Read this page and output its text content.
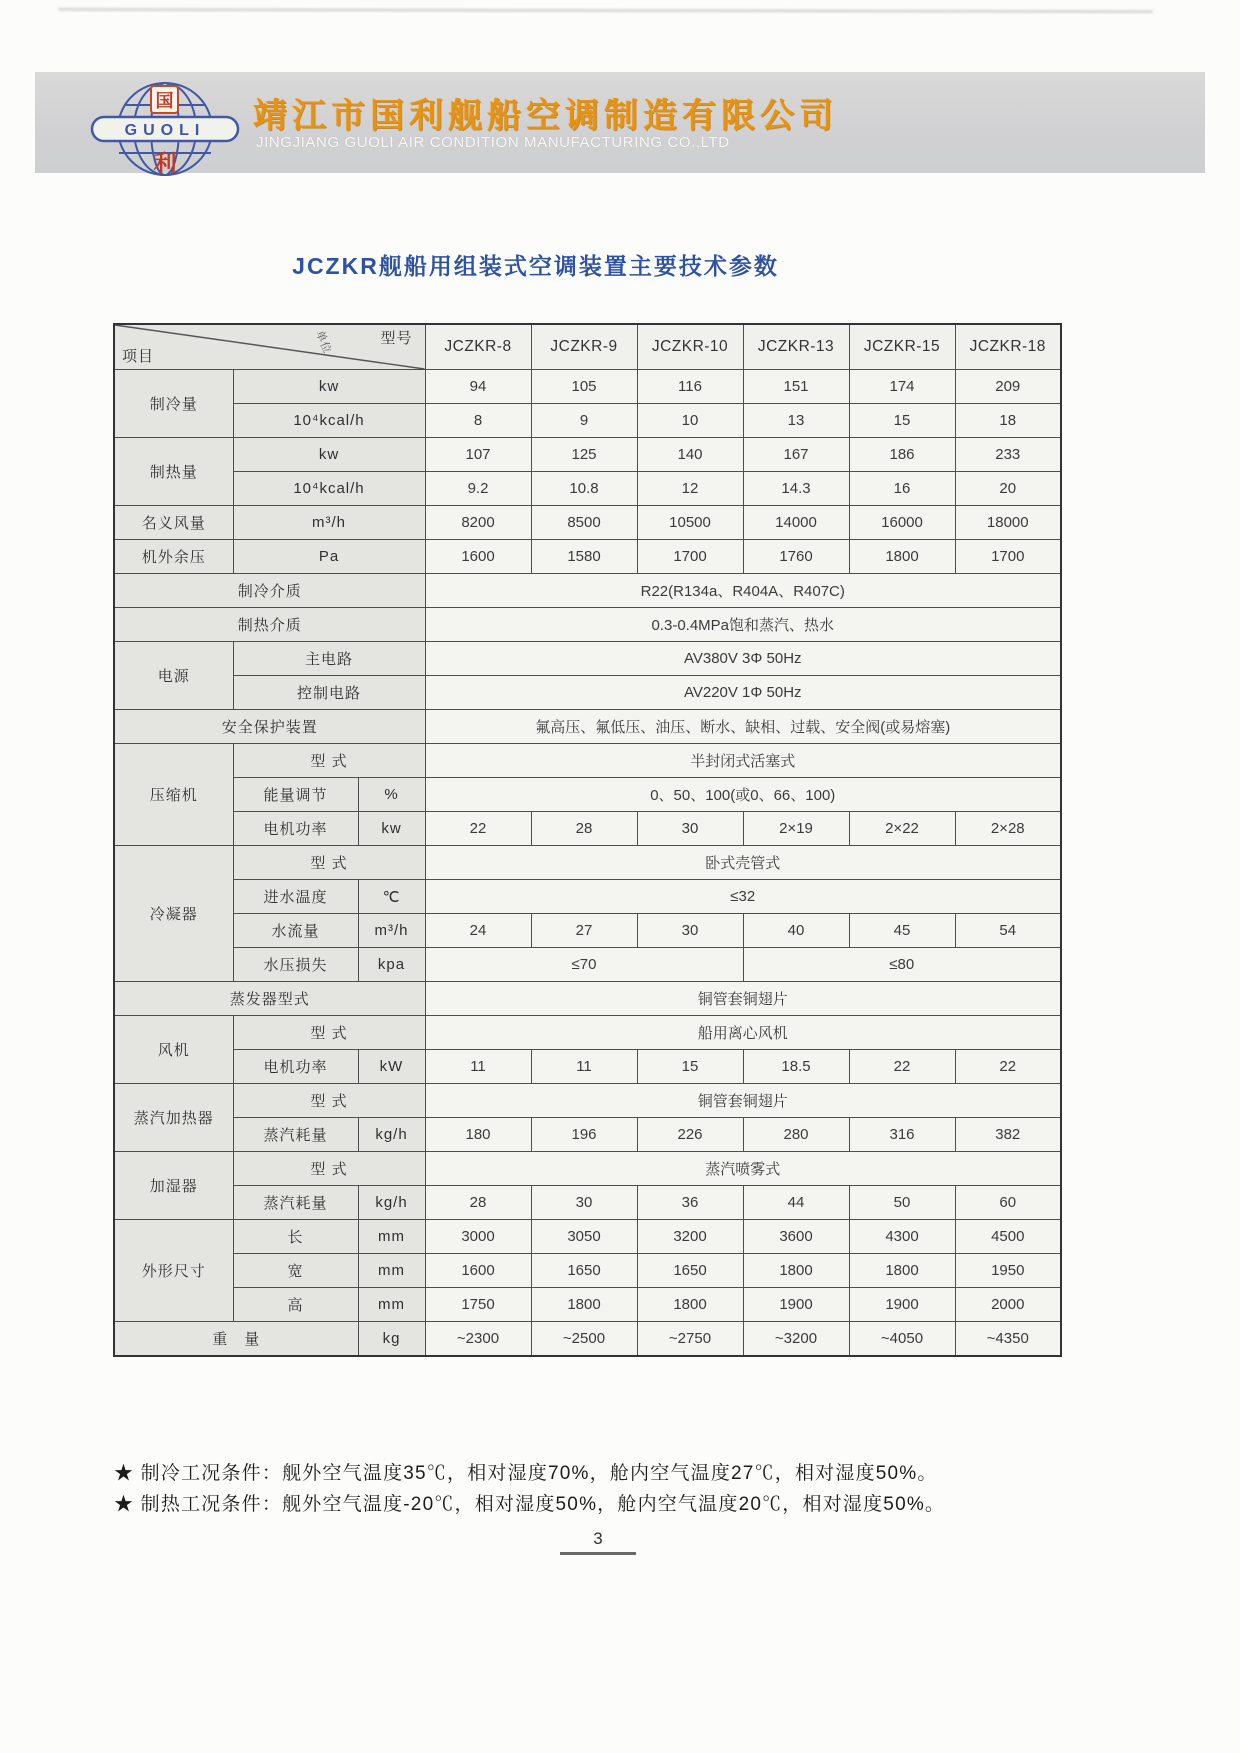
GUOLI
国
利
靖江市国利舰船空调制造有限公司
JINGJIANG GUOLI AIR CONDITION MANUFACTURING CO.,LTD
JCZKR舰船用组装式空调装置主要技术参数
项目
单位 型号			JCZKR-8	JCZKR-9	JCZKR-10	JCZKR-13	JCZKR-15	JCZKR-18
制冷量	kw		94	105	116	151	174	209
	10⁴kcal/h		8	9	10	13	15	18
制热量	kw		107	125	140	167	186	233
	10⁴kcal/h		9.2	10.8	12	14.3	16	20
名义风量	m³/h		8200	8500	10500	14000	16000	18000
机外余压	Pa		1600	1580	1700	1760	1800	1700
制冷介质			R22(R134a、R404A、R407C)					
制热介质			0.3-0.4MPa饱和蒸汽、热水					
电源	主电路		AV380V 3Φ 50Hz					
	控制电路		AV220V 1Φ 50Hz					
安全保护装置			氟高压、氟低压、油压、断水、缺相、过载、安全阀(或易熔塞)					
压缩机	型 式		半封闭式活塞式					
	能量调节	%	0、50、100(或0、66、100)					
	电机功率	kw	22	28	30	2×19	2×22	2×28
冷凝器	型 式		卧式壳管式					
	进水温度	℃	≤32					
	水流量	m³/h	24	27	30	40	45	54
	水压损失	kpa	≤70			≤80		
蒸发器型式			铜管套铜翅片					
风机	型 式		船用离心风机					
	电机功率	kW	11	11	15	18.5	22	22
蒸汽加热器	型 式		铜管套铜翅片					
	蒸汽耗量	kg/h	180	196	226	280	316	382
加湿器	型 式		蒸汽喷雾式					
	蒸汽耗量	kg/h	28	30	36	44	50	60
外形尺寸	长	mm	3000	3050	3200	3600	4300	4500
	宽	mm	1600	1650	1650	1800	1800	1950
	高	mm	1750	1800	1800	1900	1900	2000
重　量		kg	~2300	~2500	~2750	~3200	~4050	~4350
★ 制冷工况条件：舰外空气温度35℃，相对湿度70%，舱内空气温度27℃，相对湿度50%。
★ 制热工况条件：舰外空气温度-20℃，相对湿度50%，舱内空气温度20℃，相对湿度50%。
3
